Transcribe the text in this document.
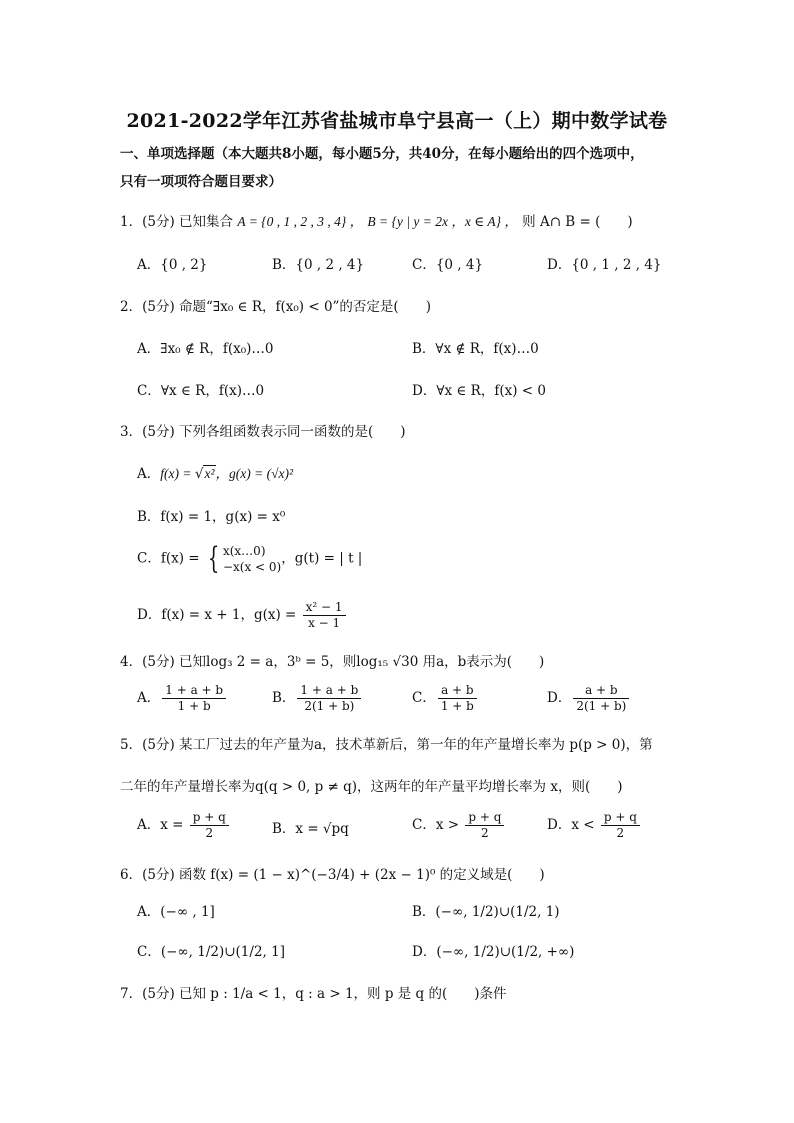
2021-2022学年江苏省盐城市阜宁县高一（上）期中数学试卷
一、单项选择题（本大题共8小题，每小题5分，共40分，在每小题给出的四个选项中，
只有一项项符合题目要求）
1．(5分) 已知集合 A = {0 , 1 , 2 , 3 , 4} ， B = {y | y = 2x ，x ∈ A} ， 则 A∩ B = (　　)
A．{0 , 2}	B．{0 , 2 , 4}	C．{0 , 4}	D．{0 , 1 , 2 , 4}
2．(5分) 命题“∃x₀ ∈ R，f(x₀) < 0”的否定是(　　)
A．∃x₀ ∉ R，f(x₀)…0	B．∀x ∉ R，f(x)…0
C．∀x ∈ R，f(x)…0	D．∀x ∈ R，f(x) < 0
3．(5分) 下列各组函数表示同一函数的是(　　)
A．f(x) = √x²，g(x) = (√x)²
B．f(x) = 1，g(x) = x⁰
C．f(x) = { x(x…0)
−x(x < 0)
，g(t) = | t |
D．f(x) = x + 1，$g(x) = \frac{\text{x² − 1}}{x - 1}$
4．(5分) 已知log₃ 2 = a，3ᵇ = 5，则log₁₅ √30 用a，b表示为(　　)
A． $\frac{1 + a + b}{1 + b}$	B． $\frac{1 + a + b}{2(1 + b)}$	C． $\frac{a + b}{1 + b}$	D． $\frac{a + b}{2(1 + b)}$
5．(5分) 某工厂过去的年产量为a，技术革新后，第一年的年产量增长率为 p(p > 0)，第
二年的年产量增长率为q(q > 0, p ≠ q)，这两年的年产量平均增长率为 x，则(　　)
A．$x = \frac{p + q}{2}$	B．x = √pq	C．$x > \frac{p + q}{2}$	D．$x < \frac{p + q}{2}$
6．(5分) 函数 f(x) = (1 − x)^(−3/4) + (2x − 1)⁰ 的定义域是(　　)
A．(−∞ , 1]	B．(−∞, 1/2)∪(1/2, 1)
C．(−∞, 1/2)∪(1/2, 1]	D．(−∞, 1/2)∪(1/2, +∞)
7．(5分) 已知 p : 1/a < 1，q : a > 1，则 p 是 q 的(　　)条件
